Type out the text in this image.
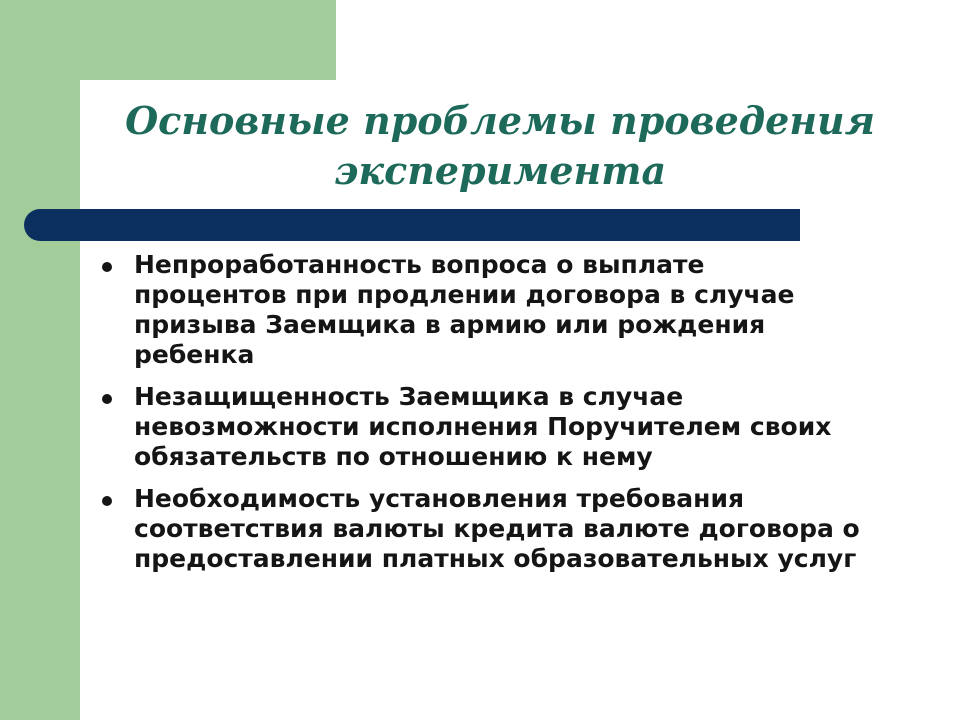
Основные проблемы проведения
эксперимента
Непроработанность вопроса о выплате процентов при продлении договора в случае призыва Заемщика в армию или рождения ребенка
Незащищенность Заемщика в случае невозможности исполнения Поручителем своих обязательств по отношению к нему
Необходимость установления требования соответствия валюты кредита валюте договора о предоставлении платных образовательных услуг
